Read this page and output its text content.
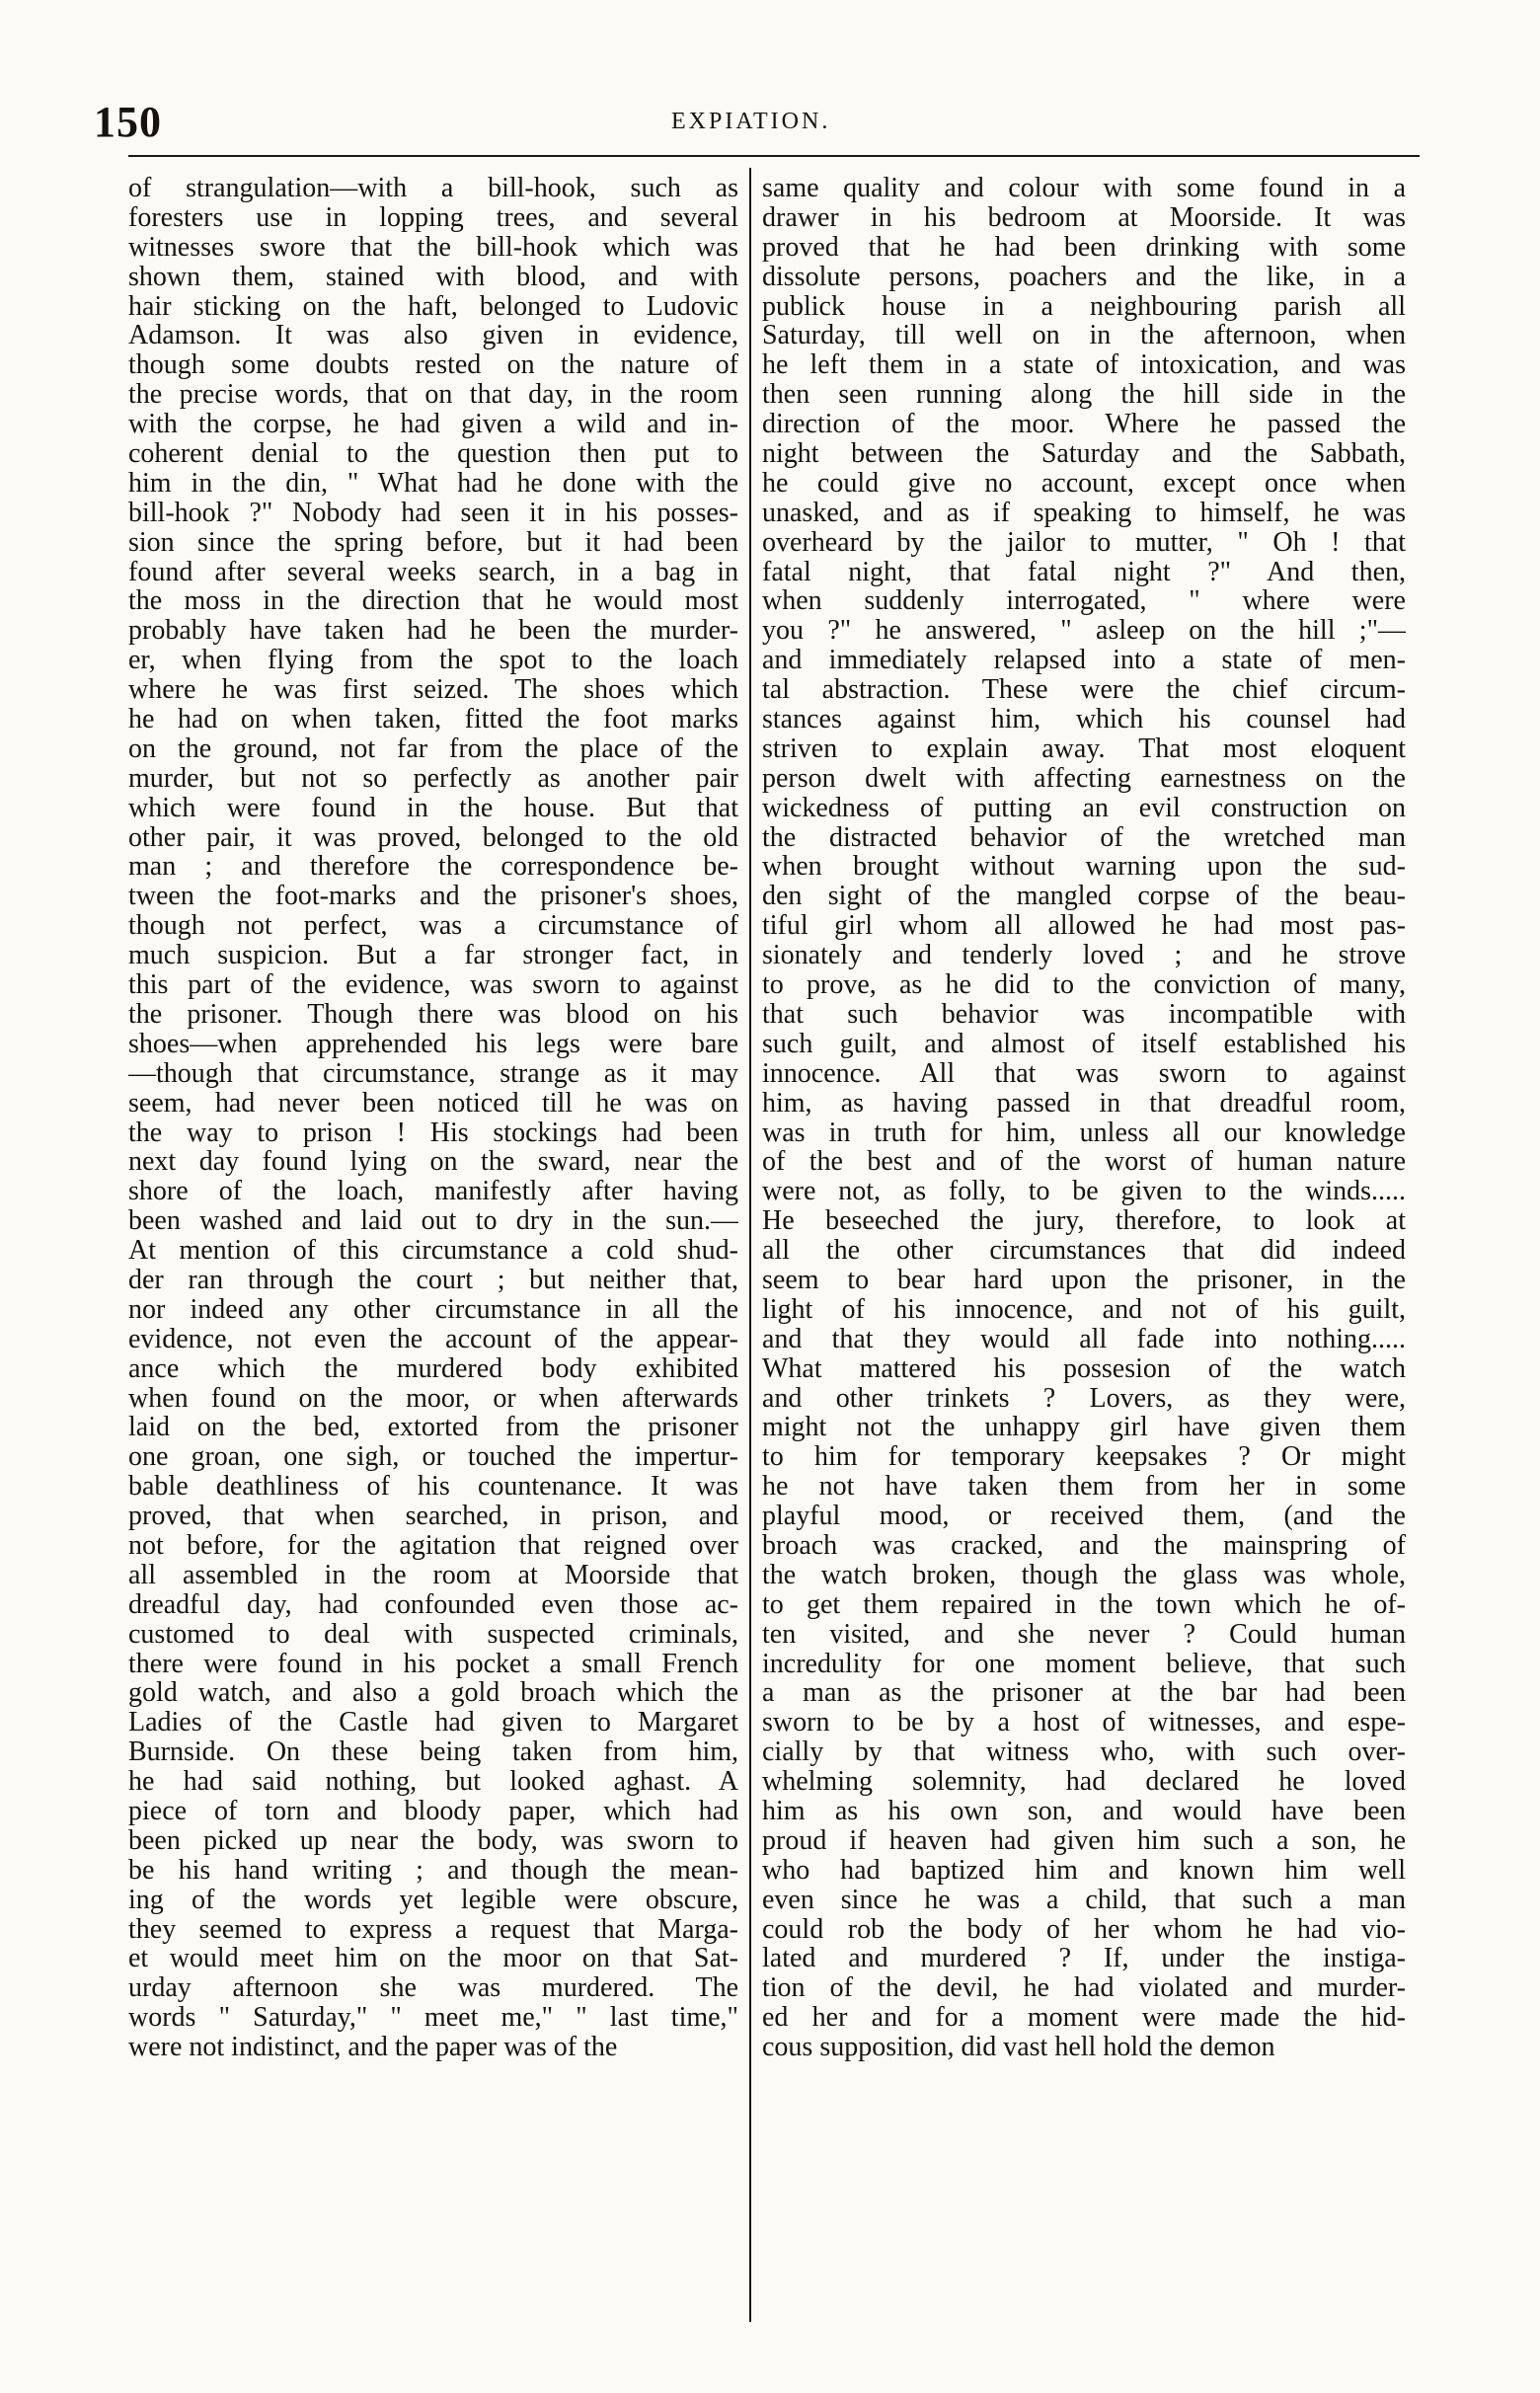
150	EXPIATION.
of strangulation—with a bill-hook, such as
foresters use in lopping trees, and several
witnesses swore that the bill-hook which was
shown them, stained with blood, and with
hair sticking on the haft, belonged to Ludovic
Adamson. It was also given in evidence,
though some doubts rested on the nature of
the precise words, that on that day, in the room
with the corpse, he had given a wild and in-
coherent denial to the question then put to
him in the din, " What had he done with the
bill-hook ?" Nobody had seen it in his posses-
sion since the spring before, but it had been
found after several weeks search, in a bag in
the moss in the direction that he would most
probably have taken had he been the murder-
er, when flying from the spot to the loach
where he was first seized. The shoes which
he had on when taken, fitted the foot marks
on the ground, not far from the place of the
murder, but not so perfectly as another pair
which were found in the house. But that
other pair, it was proved, belonged to the old
man ; and therefore the correspondence be-
tween the foot-marks and the prisoner's shoes,
though not perfect, was a circumstance of
much suspicion. But a far stronger fact, in
this part of the evidence, was sworn to against
the prisoner. Though there was blood on his
shoes—when apprehended his legs were bare
—though that circumstance, strange as it may
seem, had never been noticed till he was on
the way to prison ! His stockings had been
next day found lying on the sward, near the
shore of the loach, manifestly after having
been washed and laid out to dry in the sun.—
At mention of this circumstance a cold shud-
der ran through the court ; but neither that,
nor indeed any other circumstance in all the
evidence, not even the account of the appear-
ance which the murdered body exhibited
when found on the moor, or when afterwards
laid on the bed, extorted from the prisoner
one groan, one sigh, or touched the impertur-
bable deathliness of his countenance. It was
proved, that when searched, in prison, and
not before, for the agitation that reigned over
all assembled in the room at Moorside that
dreadful day, had confounded even those ac-
customed to deal with suspected criminals,
there were found in his pocket a small French
gold watch, and also a gold broach which the
Ladies of the Castle had given to Margaret
Burnside. On these being taken from him,
he had said nothing, but looked aghast. A
piece of torn and bloody paper, which had
been picked up near the body, was sworn to
be his hand writing ; and though the mean-
ing of the words yet legible were obscure,
they seemed to express a request that Marga-
et would meet him on the moor on that Sat-
urday afternoon she was murdered. The
words " Saturday," " meet me," " last time,"
were not indistinct, and the paper was of the
same quality and colour with some found in a
drawer in his bedroom at Moorside. It was
proved that he had been drinking with some
dissolute persons, poachers and the like, in a
publick house in a neighbouring parish all
Saturday, till well on in the afternoon, when
he left them in a state of intoxication, and was
then seen running along the hill side in the
direction of the moor. Where he passed the
night between the Saturday and the Sabbath,
he could give no account, except once when
unasked, and as if speaking to himself, he was
overheard by the jailor to mutter, " Oh ! that
fatal night, that fatal night ?" And then,
when suddenly interrogated, " where were
you ?" he answered, " asleep on the hill ;"—
and immediately relapsed into a state of men-
tal abstraction. These were the chief circum-
stances against him, which his counsel had
striven to explain away. That most eloquent
person dwelt with affecting earnestness on the
wickedness of putting an evil construction on
the distracted behavior of the wretched man
when brought without warning upon the sud-
den sight of the mangled corpse of the beau-
tiful girl whom all allowed he had most pas-
sionately and tenderly loved ; and he strove
to prove, as he did to the conviction of many,
that such behavior was incompatible with
such guilt, and almost of itself established his
innocence. All that was sworn to against
him, as having passed in that dreadful room,
was in truth for him, unless all our knowledge
of the best and of the worst of human nature
were not, as folly, to be given to the winds.....
He beseeched the jury, therefore, to look at
all the other circumstances that did indeed
seem to bear hard upon the prisoner, in the
light of his innocence, and not of his guilt,
and that they would all fade into nothing.....
What mattered his possesion of the watch
and other trinkets ? Lovers, as they were,
might not the unhappy girl have given them
to him for temporary keepsakes ? Or might
he not have taken them from her in some
playful mood, or received them, (and the
broach was cracked, and the mainspring of
the watch broken, though the glass was whole,
to get them repaired in the town which he of-
ten visited, and she never ? Could human
incredulity for one moment believe, that such
a man as the prisoner at the bar had been
sworn to be by a host of witnesses, and espe-
cially by that witness who, with such over-
whelming solemnity, had declared he loved
him as his own son, and would have been
proud if heaven had given him such a son, he
who had baptized him and known him well
even since he was a child, that such a man
could rob the body of her whom he had vio-
lated and murdered ? If, under the instiga-
tion of the devil, he had violated and murder-
ed her and for a moment were made the hid-
cous supposition, did vast hell hold the demon
